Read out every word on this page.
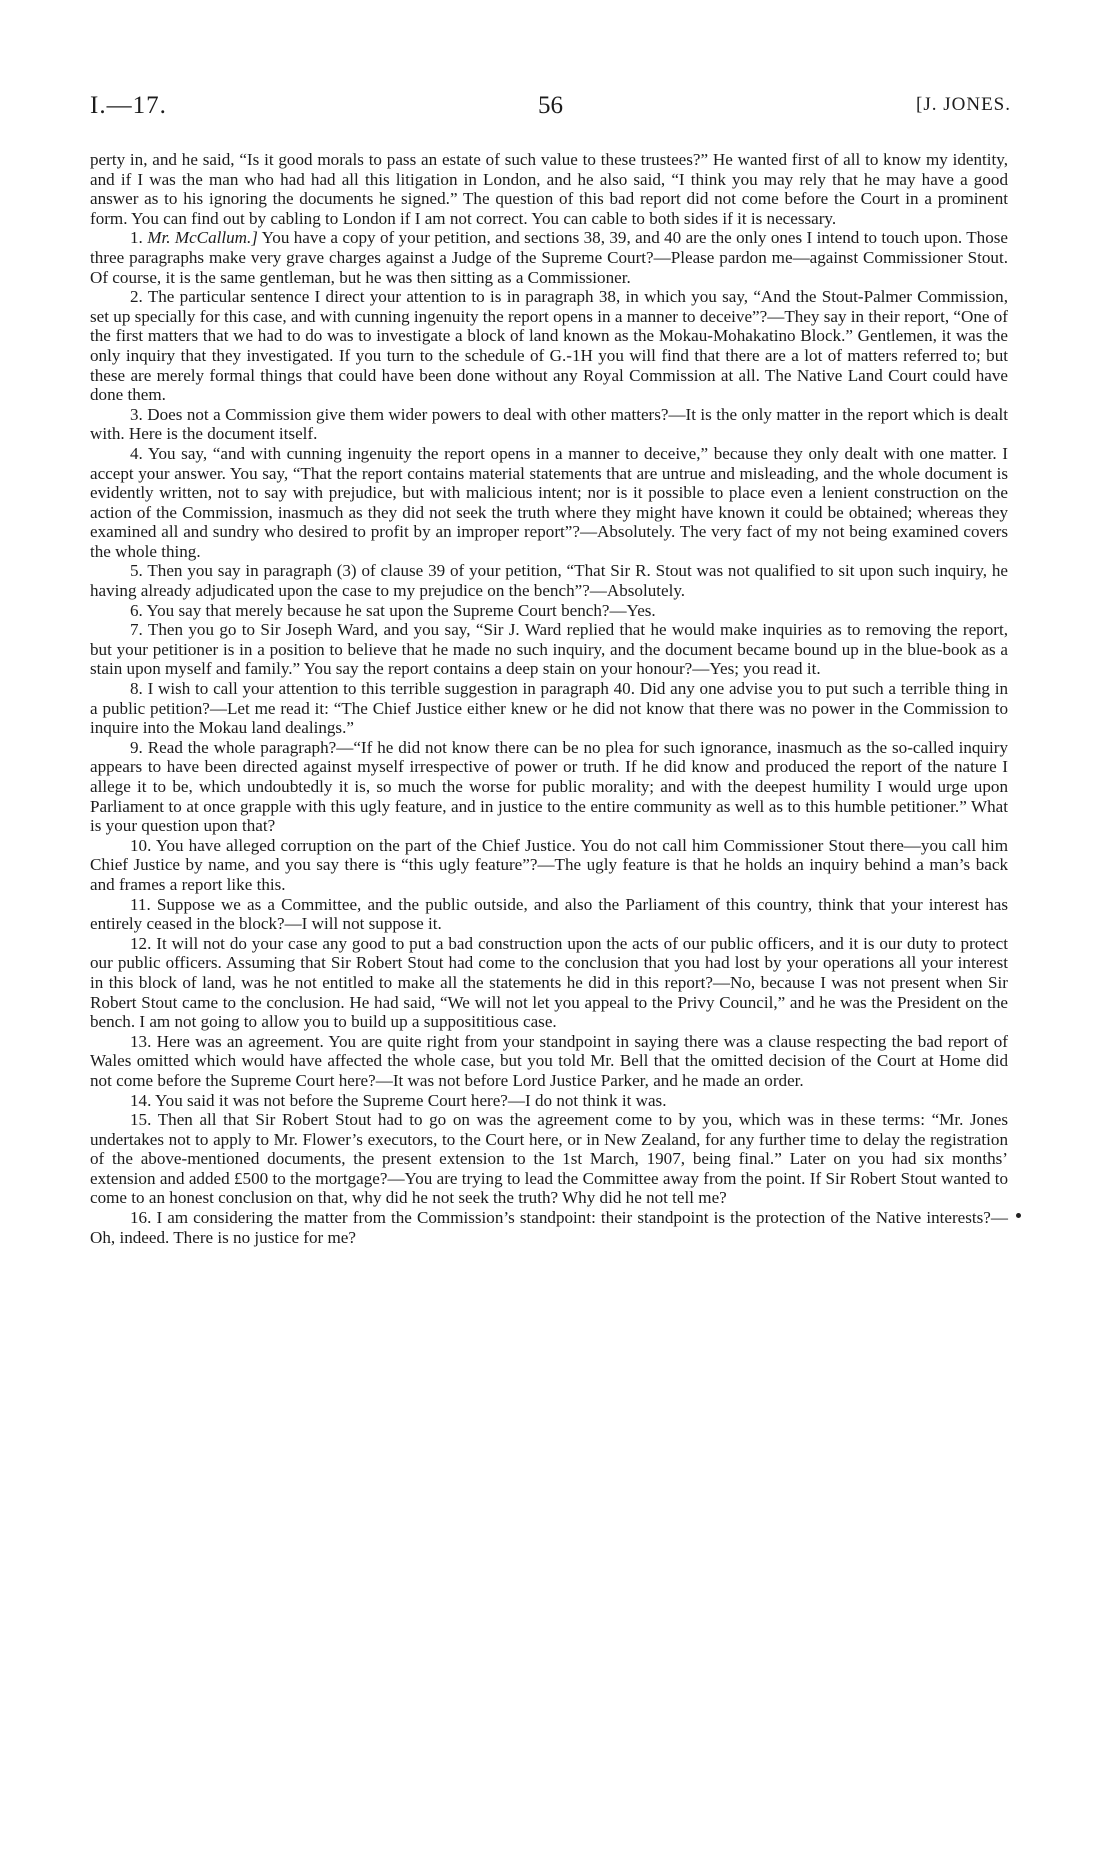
56
I.—17.	[J. JONES.

perty in, and he said, “Is it good morals to pass an estate of such value to these trustees?” He wanted first of all to know my identity, and if I was the man who had had all this litigation in London, and he also said, “I think you may rely that he may have a good answer as to his ignoring the documents he signed.” The question of this bad report did not come before the Court in a prominent form. You can find out by cabling to London if I am not correct. You can cable to both sides if it is necessary.

1. Mr. McCallum.] You have a copy of your petition, and sections 38, 39, and 40 are the only ones I intend to touch upon. Those three paragraphs make very grave charges against a Judge of the Supreme Court?—Please pardon me—against Commissioner Stout. Of course, it is the same gentleman, but he was then sitting as a Commissioner.

2. The particular sentence I direct your attention to is in paragraph 38, in which you say, “And the Stout-Palmer Commission, set up specially for this case, and with cunning ingenuity the report opens in a manner to deceive”?—They say in their report, “One of the first matters that we had to do was to investigate a block of land known as the Mokau-Mohakatino Block.” Gentlemen, it was the only inquiry that they investigated. If you turn to the schedule of G.-1H you will find that there are a lot of matters referred to; but these are merely formal things that could have been done without any Royal Commission at all. The Native Land Court could have done them.

3. Does not a Commission give them wider powers to deal with other matters?—It is the only matter in the report which is dealt with. Here is the document itself.

4. You say, “and with cunning ingenuity the report opens in a manner to deceive,” because they only dealt with one matter. I accept your answer. You say, “That the report contains material statements that are untrue and misleading, and the whole document is evidently written, not to say with prejudice, but with malicious intent; nor is it possible to place even a lenient construction on the action of the Commission, inasmuch as they did not seek the truth where they might have known it could be obtained; whereas they examined all and sundry who desired to profit by an improper report”?—Absolutely. The very fact of my not being examined covers the whole thing.

5. Then you say in paragraph (3) of clause 39 of your petition, “That Sir R. Stout was not qualified to sit upon such inquiry, he having already adjudicated upon the case to my prejudice on the bench”?—Absolutely.

6. You say that merely because he sat upon the Supreme Court bench?—Yes.

7. Then you go to Sir Joseph Ward, and you say, “Sir J. Ward replied that he would make inquiries as to removing the report, but your petitioner is in a position to believe that he made no such inquiry, and the document became bound up in the blue-book as a stain upon myself and family.” You say the report contains a deep stain on your honour?—Yes; you read it.

8. I wish to call your attention to this terrible suggestion in paragraph 40. Did any one advise you to put such a terrible thing in a public petition?—Let me read it: “The Chief Justice either knew or he did not know that there was no power in the Commission to inquire into the Mokau land dealings.”

9. Read the whole paragraph?—“If he did not know there can be no plea for such ignorance, inasmuch as the so-called inquiry appears to have been directed against myself irrespective of power or truth. If he did know and produced the report of the nature I allege it to be, which undoubtedly it is, so much the worse for public morality; and with the deepest humility I would urge upon Parliament to at once grapple with this ugly feature, and in justice to the entire community as well as to this humble petitioner.” What is your question upon that?

10. You have alleged corruption on the part of the Chief Justice. You do not call him Commissioner Stout there—you call him Chief Justice by name, and you say there is “this ugly feature”?—The ugly feature is that he holds an inquiry behind a man’s back and frames a report like this.

11. Suppose we as a Committee, and the public outside, and also the Parliament of this country, think that your interest has entirely ceased in the block?—I will not suppose it.

12. It will not do your case any good to put a bad construction upon the acts of our public officers, and it is our duty to protect our public officers. Assuming that Sir Robert Stout had come to the conclusion that you had lost by your operations all your interest in this block of land, was he not entitled to make all the statements he did in this report?—No, because I was not present when Sir Robert Stout came to the conclusion. He had said, “We will not let you appeal to the Privy Council,” and he was the President on the bench. I am not going to allow you to build up a supposititious case.

13. Here was an agreement. You are quite right from your standpoint in saying there was a clause respecting the bad report of Wales omitted which would have affected the whole case, but you told Mr. Bell that the omitted decision of the Court at Home did not come before the Supreme Court here?—It was not before Lord Justice Parker, and he made an order.

14. You said it was not before the Supreme Court here?—I do not think it was.

15. Then all that Sir Robert Stout had to go on was the agreement come to by you, which was in these terms: “Mr. Jones undertakes not to apply to Mr. Flower’s executors, to the Court here, or in New Zealand, for any further time to delay the registration of the above-mentioned documents, the present extension to the 1st March, 1907, being final.” Later on you had six months’ extension and added £500 to the mortgage?—You are trying to lead the Committee away from the point. If Sir Robert Stout wanted to come to an honest conclusion on that, why did he not seek the truth? Why did he not tell me?

16. I am considering the matter from the Commission’s standpoint: their standpoint is the protection of the Native interests?—Oh, indeed. There is no justice for me?
